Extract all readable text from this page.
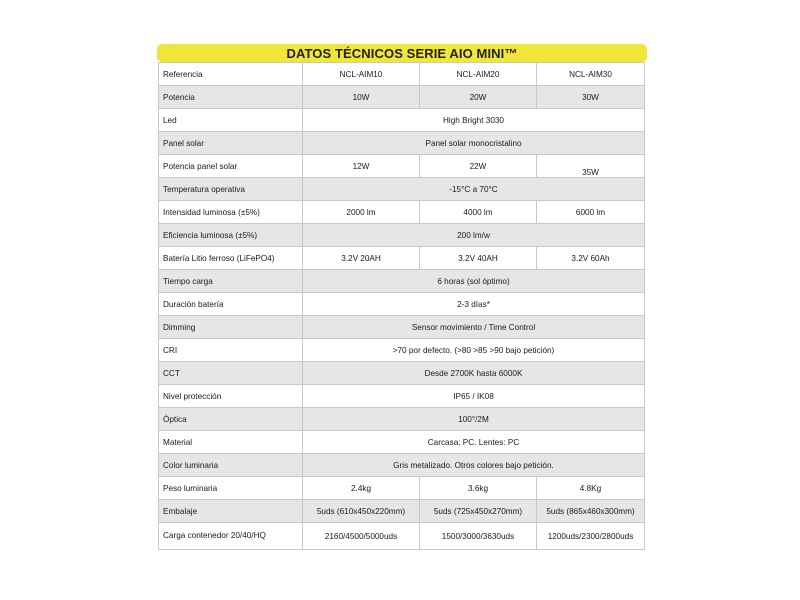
DATOS TÉCNICOS SERIE AIO MINI™
Referencia	NCL-AIM10	NCL-AIM20	NCL-AIM30
Potencia	10W	20W	30W
Led	High Bright 3030		
Panel solar	Panel solar monocristalino		
Potencia panel solar	12W	22W	35W
Temperatura operativa	-15°C a 70°C		
Intensidad luminosa (±5%)	2000 lm	4000 lm	6000 lm
Eficiencia luminosa (±5%)	200 lm/w		
Batería Litio ferroso (LiFePO4)	3.2V 20AH	3.2V 40AH	3.2V 60Ah
Tiempo carga	6 horas (sol óptimo)		
Duración batería	2-3 días*		
Dimming	Sensor movimiento / Time Control		
CRI	>70 por defecto. (>80 >85 >90 bajo petición)		
CCT	Desde 2700K hasta 6000K		
Nivel protección	IP65 / IK08		
Óptica	100°/2M		
Material	Carcasa: PC. Lentes: PC		
Color luminaria	Gris metalizado. Otros colores bajo petición.		
Peso luminaria	2.4kg	3.6kg	4.8Kg
Embalaje	5uds (610x450x220mm)	5uds (725x450x270mm)	5uds (865x460x300mm)
Carga contenedor 20/40/HQ	2160/4500/5000uds	1500/3000/3630uds	1200uds/2300/2800uds
